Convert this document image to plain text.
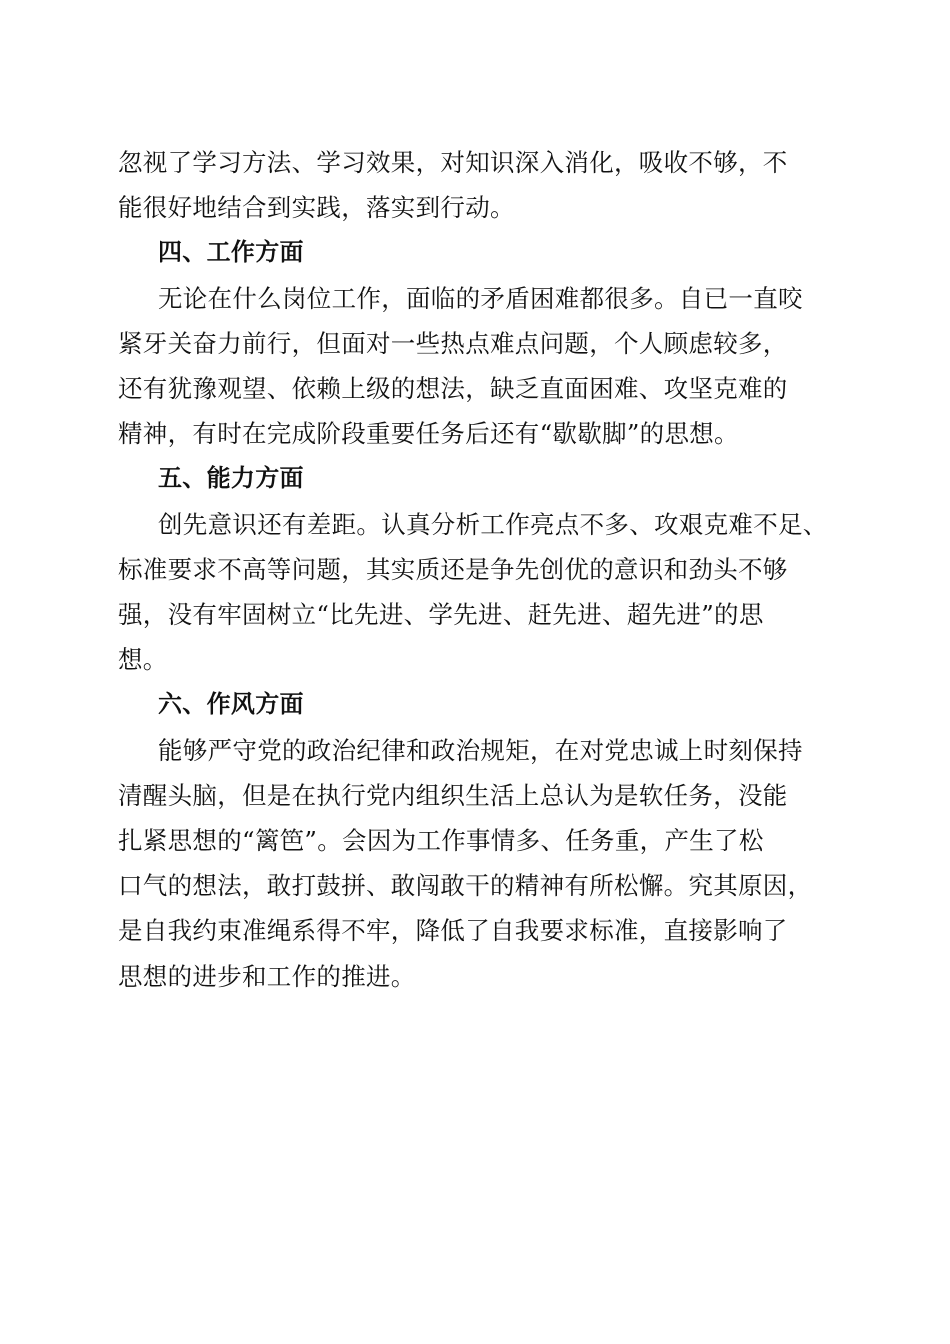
忽视了学习方法、学习效果，对知识深入消化，吸收不够，不
能很好地结合到实践，落实到行动。

四、工作方面

无论在什么岗位工作，面临的矛盾困难都很多。自已一直咬
紧牙关奋力前行，但面对一些热点难点问题，个人顾虑较多，
还有犹豫观望、依赖上级的想法，缺乏直面困难、攻坚克难的
精神，有时在完成阶段重要任务后还有“歇歇脚”的思想。

五、能力方面

创先意识还有差距。认真分析工作亮点不多、攻艰克难不足、
标准要求不高等问题，其实质还是争先创优的意识和劲头不够
强，没有牢固树立“比先进、学先进、赶先进、超先进”的思
想。

六、作风方面

能够严守党的政治纪律和政治规矩，在对党忠诚上时刻保持
清醒头脑，但是在执行党内组织生活上总认为是软任务，没能
扎紧思想的“篱笆”。会因为工作事情多、任务重，产生了松
口气的想法，敢打鼓拼、敢闯敢干的精神有所松懈。究其原因，
是自我约束准绳系得不牢，降低了自我要求标准，直接影响了
思想的进步和工作的推进。
